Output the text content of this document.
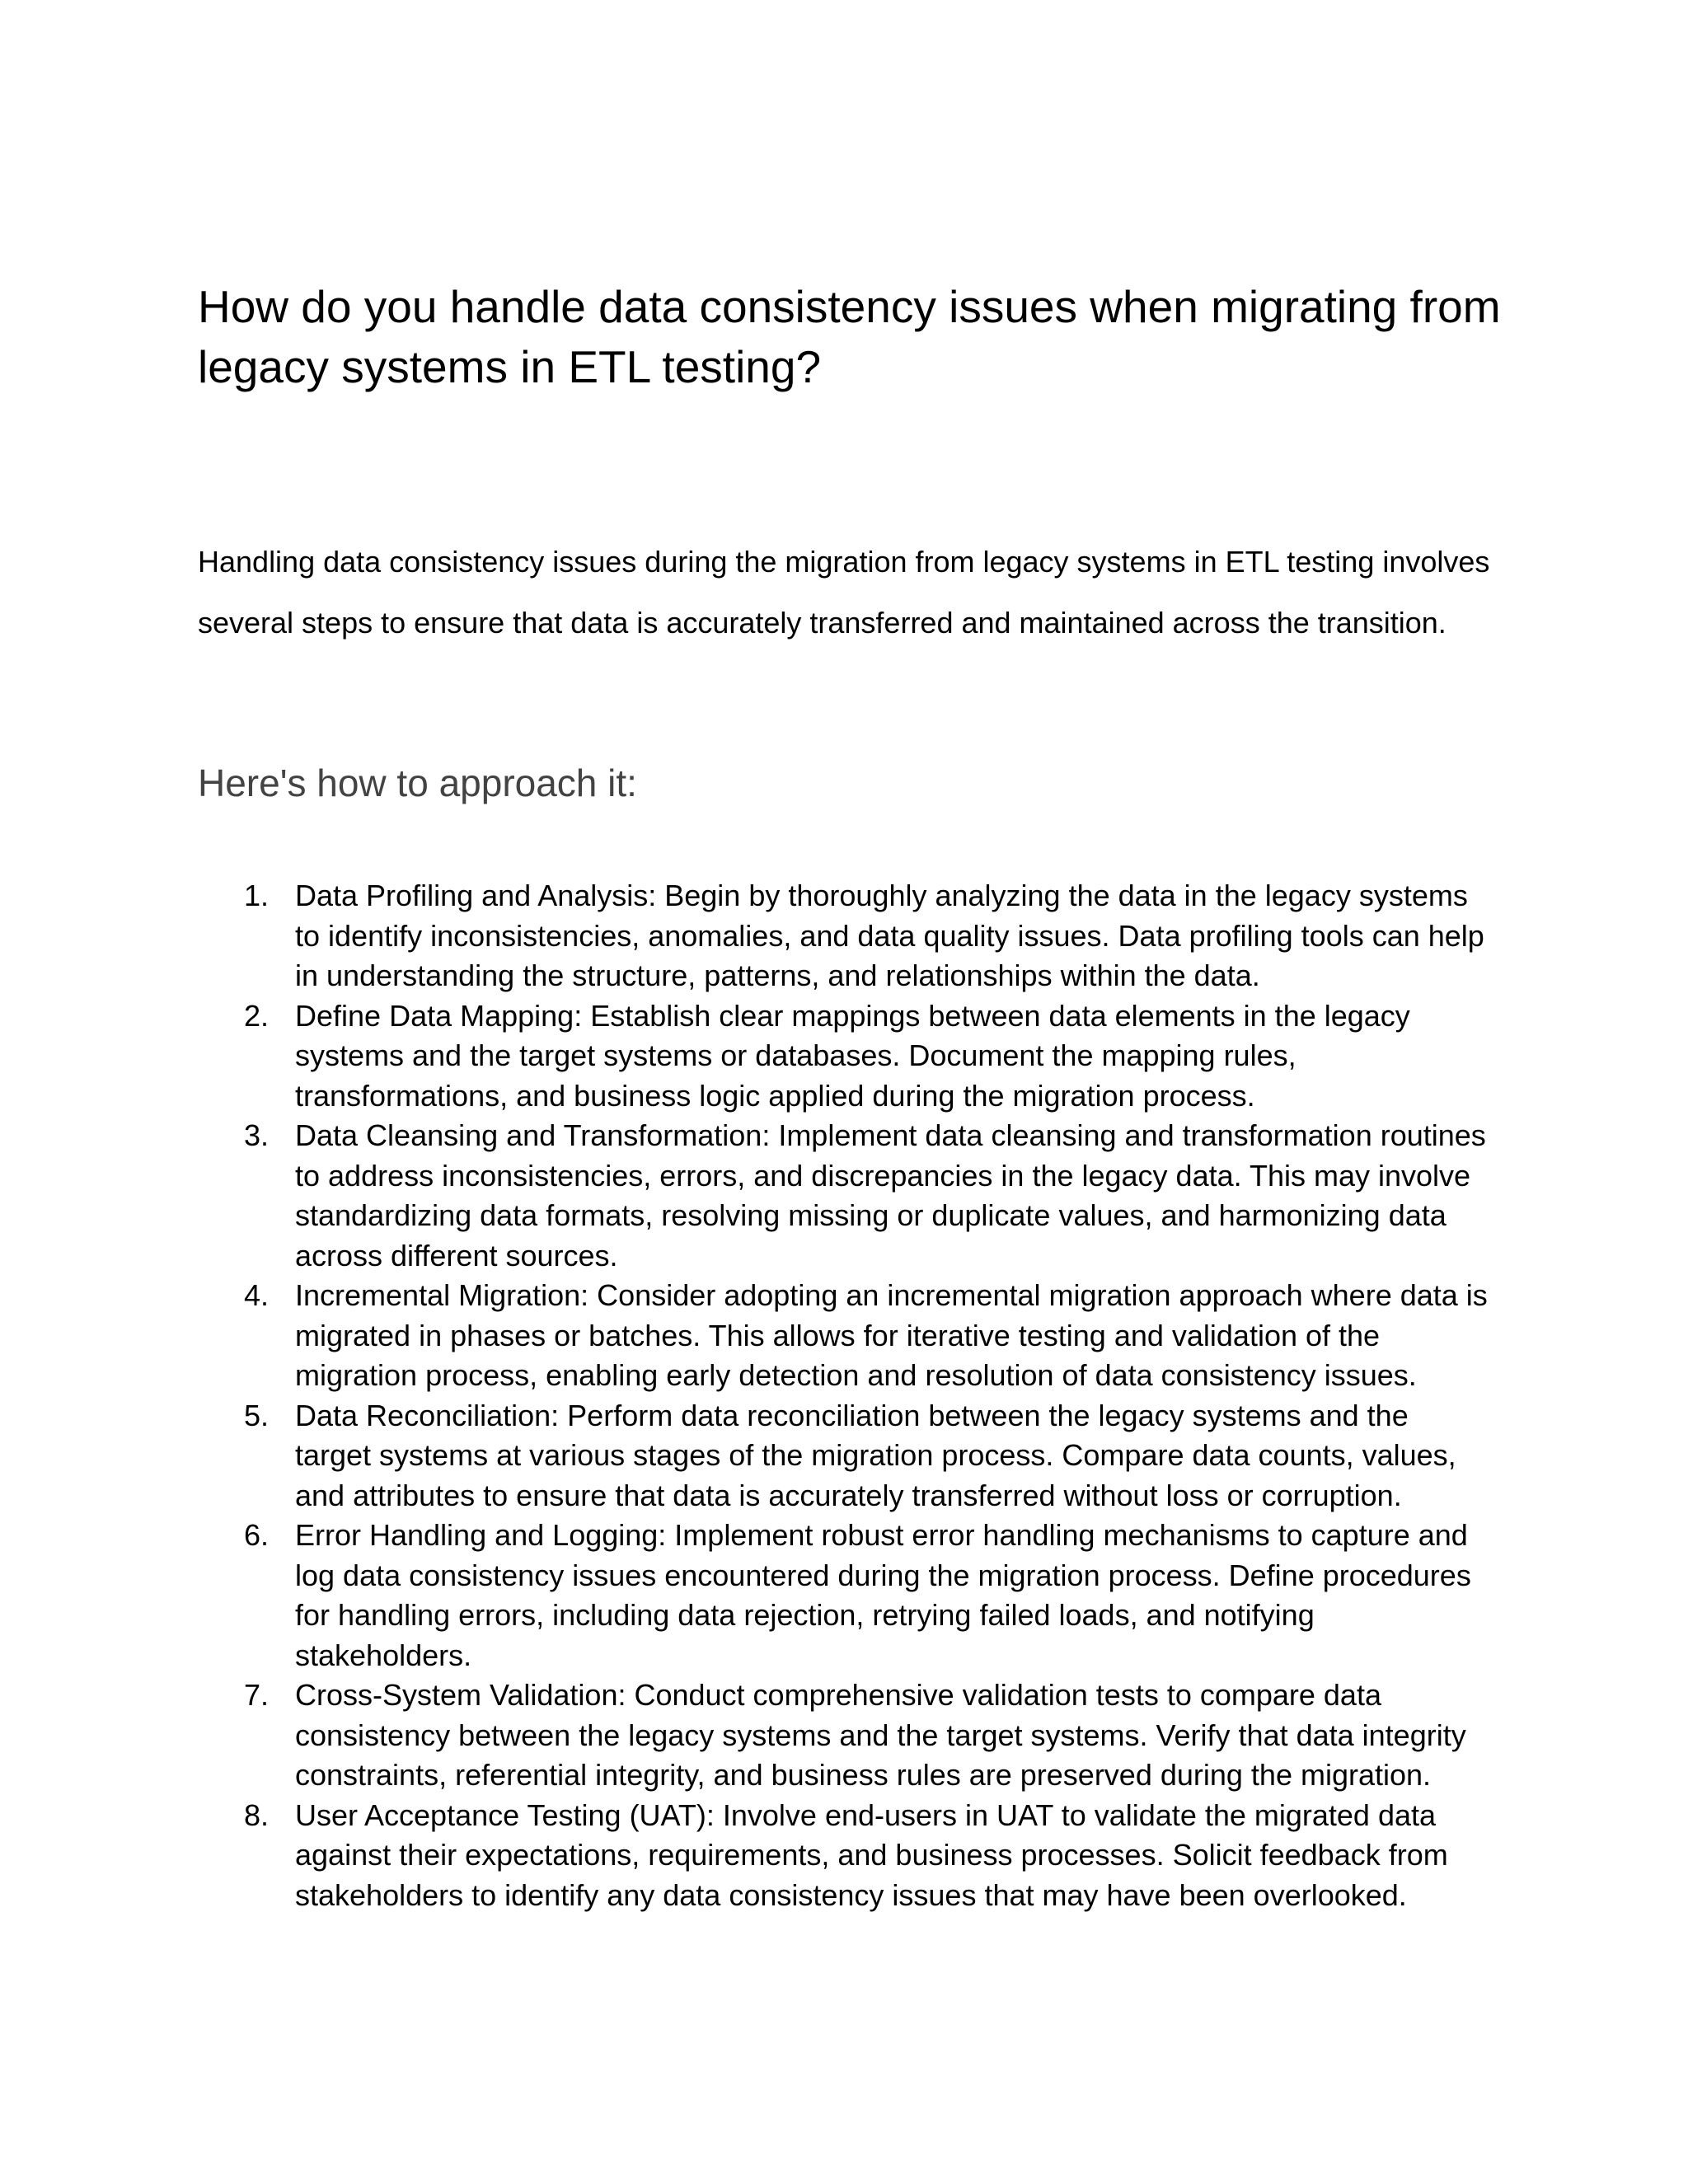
How do you handle data consistency issues when migrating from legacy systems in ETL testing?

Handling data consistency issues during the migration from legacy systems in ETL testing involves several steps to ensure that data is accurately transferred and maintained across the transition.

Here's how to approach it:
1. Data Profiling and Analysis: Begin by thoroughly analyzing the data in the legacy systems to identify inconsistencies, anomalies, and data quality issues. Data profiling tools can help in understanding the structure, patterns, and relationships within the data.
2. Define Data Mapping: Establish clear mappings between data elements in the legacy systems and the target systems or databases. Document the mapping rules, transformations, and business logic applied during the migration process.
3. Data Cleansing and Transformation: Implement data cleansing and transformation routines to address inconsistencies, errors, and discrepancies in the legacy data. This may involve standardizing data formats, resolving missing or duplicate values, and harmonizing data across different sources.
4. Incremental Migration: Consider adopting an incremental migration approach where data is migrated in phases or batches. This allows for iterative testing and validation of the migration process, enabling early detection and resolution of data consistency issues.
5. Data Reconciliation: Perform data reconciliation between the legacy systems and the target systems at various stages of the migration process. Compare data counts, values, and attributes to ensure that data is accurately transferred without loss or corruption.
6. Error Handling and Logging: Implement robust error handling mechanisms to capture and log data consistency issues encountered during the migration process. Define procedures for handling errors, including data rejection, retrying failed loads, and notifying stakeholders.
7. Cross-System Validation: Conduct comprehensive validation tests to compare data consistency between the legacy systems and the target systems. Verify that data integrity constraints, referential integrity, and business rules are preserved during the migration.
8. User Acceptance Testing (UAT): Involve end-users in UAT to validate the migrated data against their expectations, requirements, and business processes. Solicit feedback from stakeholders to identify any data consistency issues that may have been overlooked.
